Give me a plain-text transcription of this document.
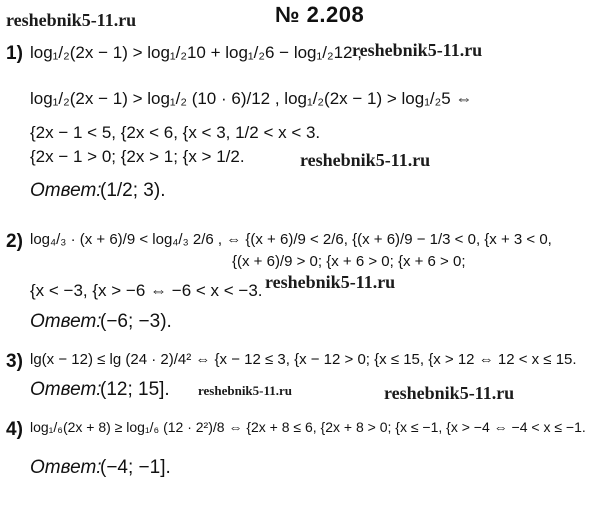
reshebnik5-11.ru
reshebnik5-11.ru
reshebnik5-11.ru
reshebnik5-11.ru
reshebnik5-11.ru	reshebnik5-11.ru
№ 2.208
1) log₁/₂(2x − 1) > log₁/₂10 + log₁/₂6 − log₁/₂12 ,
log₁/₂(2x − 1) > log₁/₂ (10 · 6)/12 , log₁/₂(2x − 1) > log₁/₂5 ⇔
{2x − 1 < 5, {2x < 6, {x < 3, 1/2 < x < 3.
{2x − 1 > 0; {2x > 1; {x > 1/2.
Ответ:
(1/2; 3).
2) log₄/₃ · (x + 6)/9 < log₄/₃ 2/6 , ⇔ {(x + 6)/9 < 2/6, {(x + 6)/9 − 1/3 < 0, {x + 3 < 0,
{(x + 6)/9 > 0; {x + 6 > 0; {x + 6 > 0;
{x < −3, {x > −6 ⇔ −6 < x < −3.
Ответ:
(−6; −3).
3) lg(x − 12) ≤ lg (24 · 2)/4² ⇔ {x − 12 ≤ 3, {x − 12 > 0; {x ≤ 15, {x > 12 ⇔ 12 < x ≤ 15.
Ответ:
(12; 15].
4) log₁/₆(2x + 8) ≥ log₁/₆ (12 · 2²)/8 ⇔ {2x + 8 ≤ 6, {2x + 8 > 0; {x ≤ −1, {x > −4 ⇔ −4 < x ≤ −1.
Ответ:
(−4; −1].
